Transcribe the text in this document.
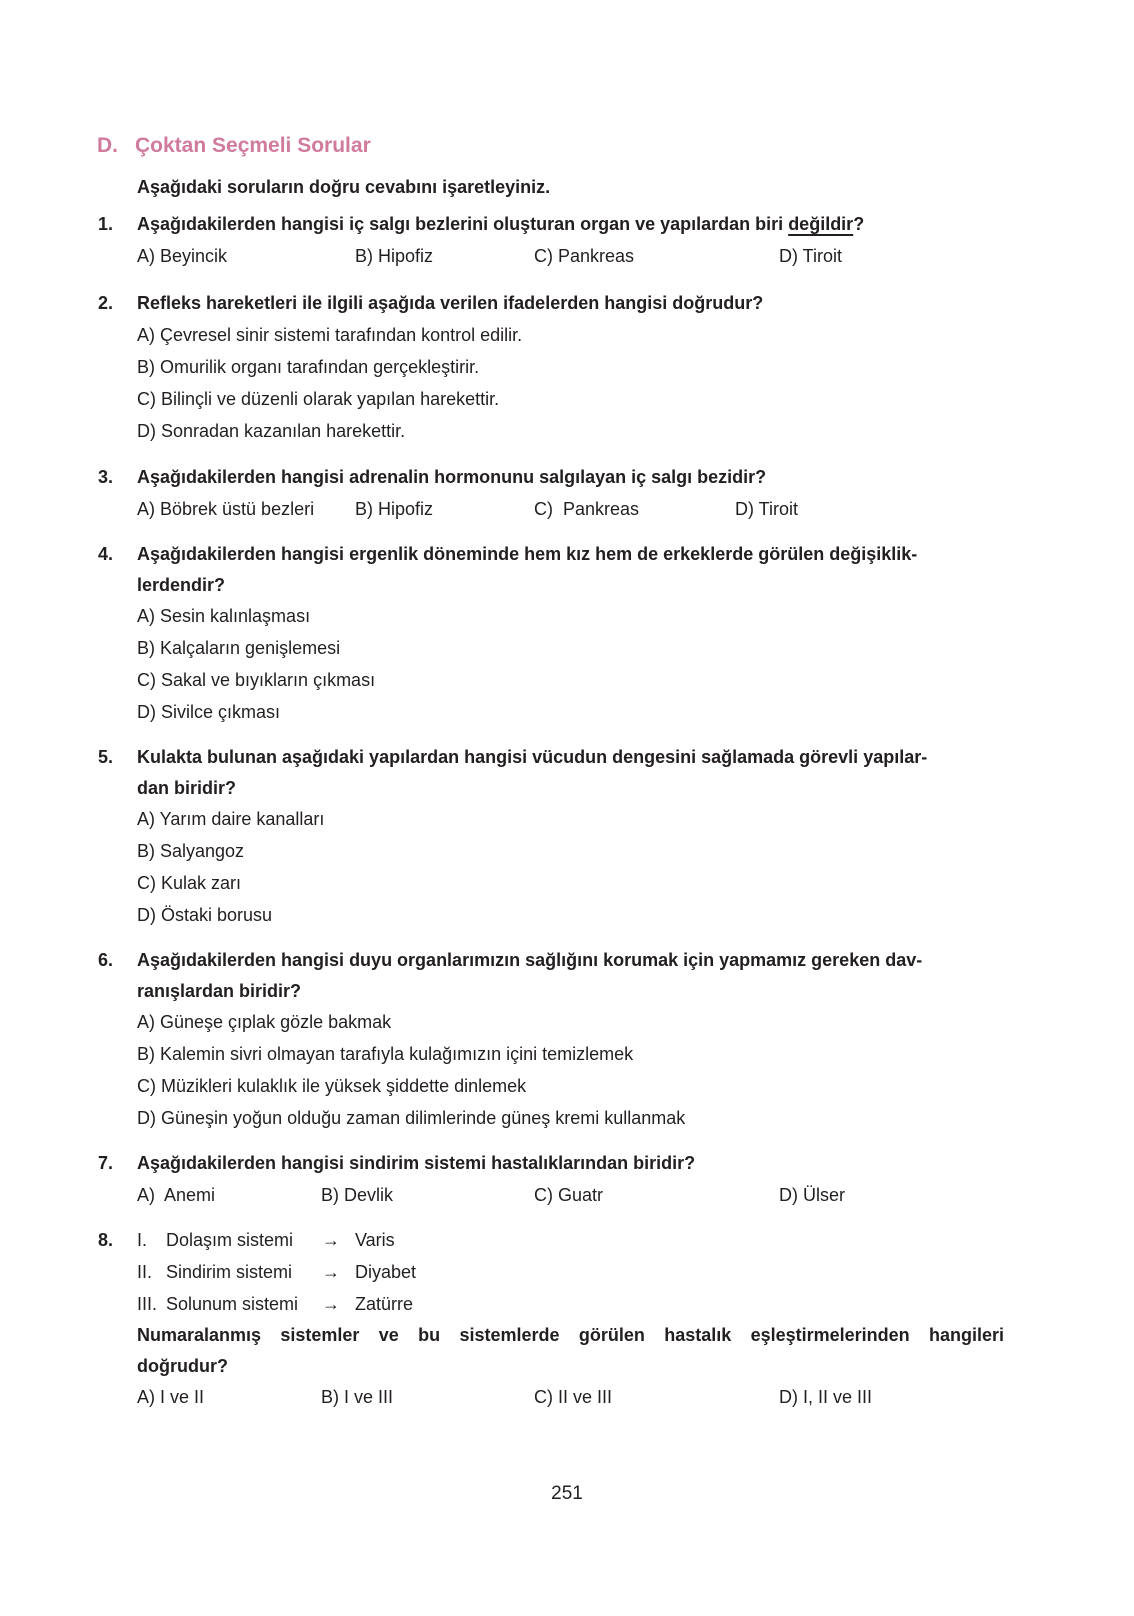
D. Çoktan Seçmeli Sorular
Aşağıdaki soruların doğru cevabını işaretleyiniz.
1. Aşağıdakilerden hangisi iç salgı bezlerini oluşturan organ ve yapılardan biri değildir?
A) Beyincik	B) Hipofiz	C) Pankreas	D) Tiroit
2. Refleks hareketleri ile ilgili aşağıda verilen ifadelerden hangisi doğrudur?
A) Çevresel sinir sistemi tarafından kontrol edilir.
B) Omurilik organı tarafından gerçekleştirir.
C) Bilinçli ve düzenli olarak yapılan harekettir.
D) Sonradan kazanılan harekettir.
3. Aşağıdakilerden hangisi adrenalin hormonunu salgılayan iç salgı bezidir?
A) Böbrek üstü bezleri B) Hipofiz	C)  Pankreas	D) Tiroit
4. Aşağıdakilerden hangisi ergenlik döneminde hem kız hem de erkeklerde görülen değişiklik-
lerdendir?
A) Sesin kalınlaşması
B) Kalçaların genişlemesi
C) Sakal ve bıyıkların çıkması
D) Sivilce çıkması
5. Kulakta bulunan aşağıdaki yapılardan hangisi vücudun dengesini sağlamada görevli yapılar-
dan biridir?
A) Yarım daire kanalları
B) Salyangoz
C) Kulak zarı
D) Östaki borusu
6. Aşağıdakilerden hangisi duyu organlarımızın sağlığını korumak için yapmamız gereken dav-
ranışlardan biridir?
A) Güneşe çıplak gözle bakmak
B) Kalemin sivri olmayan tarafıyla kulağımızın içini temizlemek
C) Müzikleri kulaklık ile yüksek şiddette dinlemek
D) Güneşin yoğun olduğu zaman dilimlerinde güneş kremi kullanmak
7. Aşağıdakilerden hangisi sindirim sistemi hastalıklarından biridir?
A)  Anemi	B) Devlik	C) Guatr	D) Ülser
8. I. Dolaşım sistemi	→ Varis
II. Sindirim sistemi	→ Diyabet
III. Solunum sistemi	→ Zatürre
Numaralanmış sistemler ve bu sistemlerde görülen hastalık eşleştirmelerinden hangileri
doğrudur?
A) I ve II	B) I ve III	C) II ve III	D) I, II ve III
251
